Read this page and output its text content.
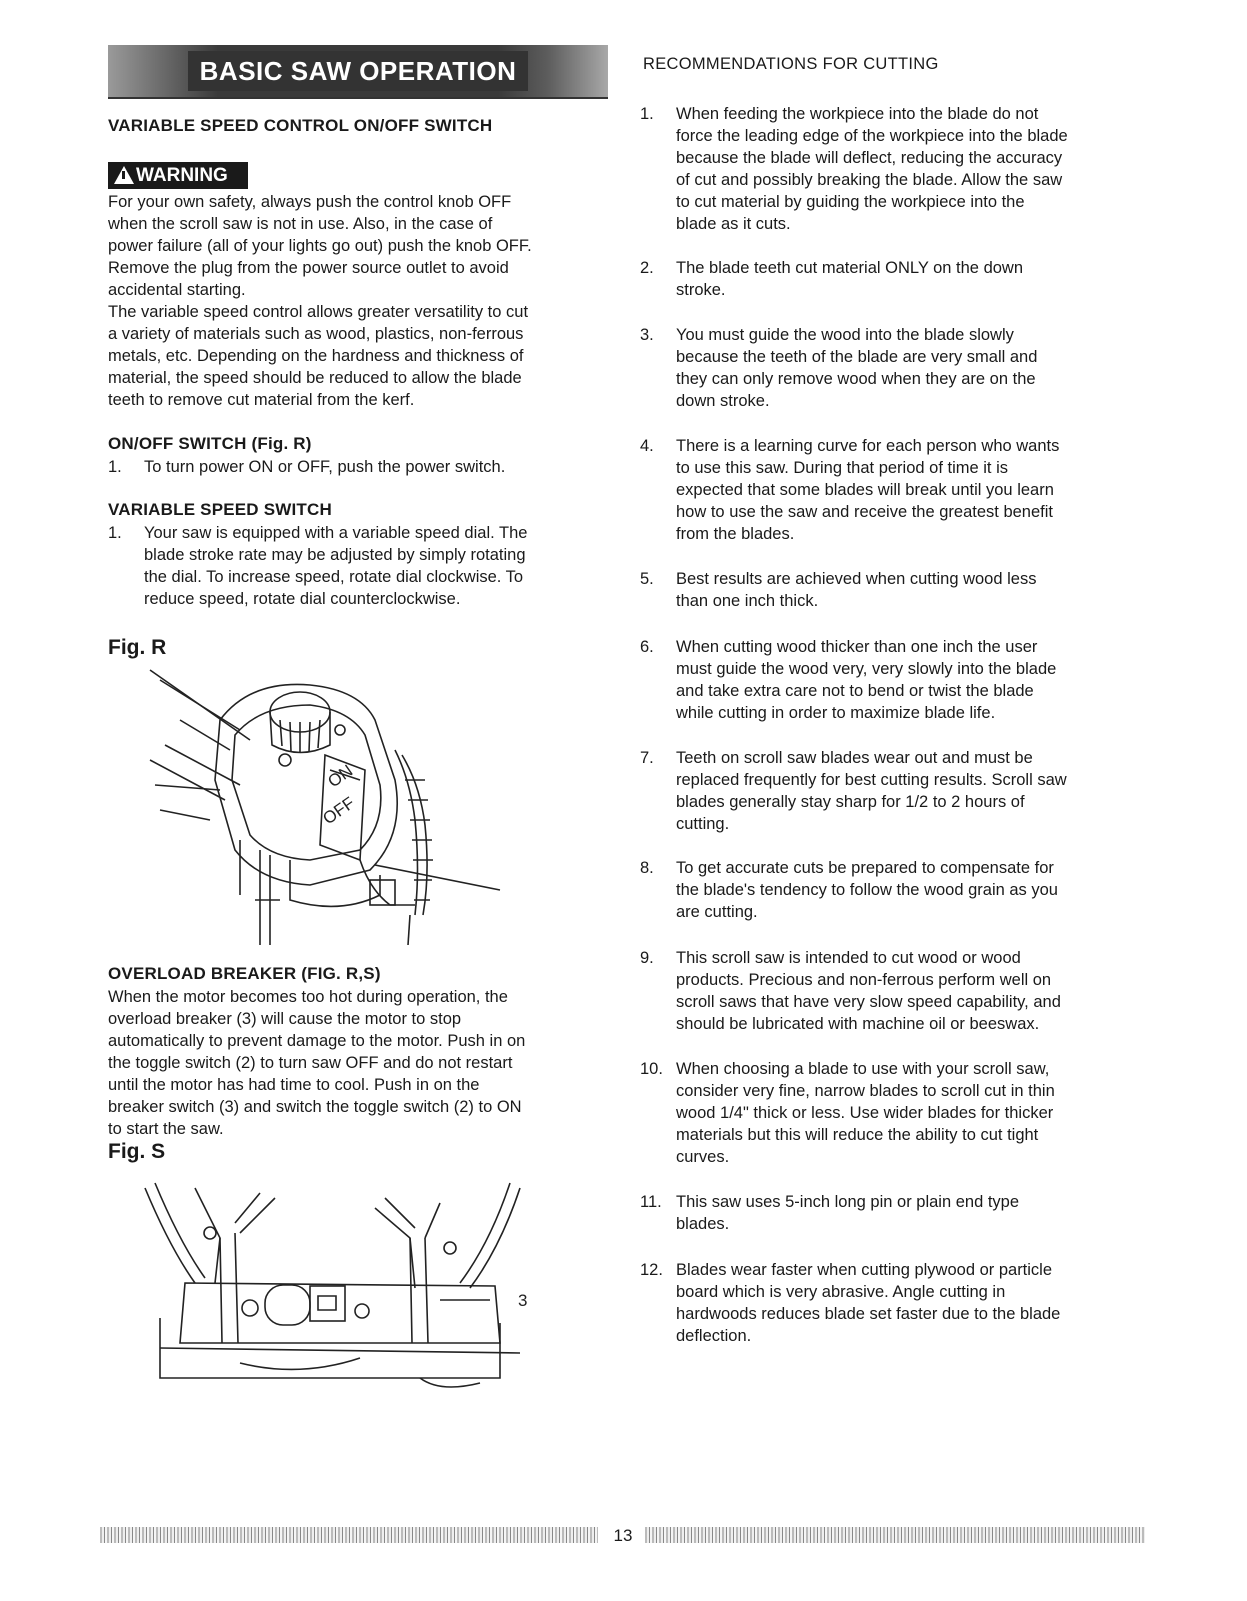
BASIC SAW OPERATION
VARIABLE SPEED CONTROL ON/OFF SWITCH
WARNING
For your own safety, always push the control knob OFF
when the scroll saw is not in use. Also, in the case of
power failure (all of your lights go out) push the knob OFF.
Remove the plug from the power source outlet to avoid
accidental starting.
The variable speed control allows greater versatility to cut
a variety of materials such as wood, plastics, non-ferrous
metals, etc. Depending on the hardness and thickness of
material, the speed should be reduced to allow the blade
teeth to remove cut material from the kerf.
ON/OFF SWITCH (Fig. R)
1. To turn power ON or OFF, push the power switch.
VARIABLE SPEED SWITCH
1. Your saw is equipped with a variable speed dial. The
blade stroke rate may be adjusted by simply rotating
the dial. To increase speed, rotate dial clockwise. To
reduce speed, rotate dial counterclockwise.
Fig. R
ON
OFF
OVERLOAD BREAKER (FIG. R,S)
When the motor becomes too hot during operation, the
overload breaker (3) will cause the motor to stop
automatically to prevent damage to the motor. Push in on
the toggle switch (2) to turn saw OFF and do not restart
until the motor has had time to cool. Push in on the
breaker switch (3) and switch the toggle switch (2) to ON
to start the saw.
Fig. S
3
RECOMMENDATIONS FOR CUTTING
1.	When feeding the workpiece into the blade do not
force the leading edge of the workpiece into the blade
because the blade will deflect, reducing the accuracy
of cut and possibly breaking the blade. Allow the saw
to cut material by guiding the workpiece into the
blade as it cuts.
2.	The blade teeth cut material ONLY on the down
stroke.
3.	You must guide the wood into the blade slowly
because the teeth of the blade are very small and
they can only remove wood when they are on the
down stroke.
4.	There is a learning curve for each person who wants
to use this saw. During that period of time it is
expected that some blades will break until you learn
how to use the saw and receive the greatest benefit
from the blades.
5.	Best results are achieved when cutting wood less
than one inch thick.
6.	When cutting wood thicker than one inch the user
must guide the wood very, very slowly into the blade
and take extra care not to bend or twist the blade
while cutting in order to maximize blade life.
7.	Teeth on scroll saw blades wear out and must be
replaced frequently for best cutting results. Scroll saw
blades generally stay sharp for 1/2 to 2 hours of
cutting.
8.	To get accurate cuts be prepared to compensate for
the blade's tendency to follow the wood grain as you
are cutting.
9.	This scroll saw is intended to cut wood or wood
products. Precious and non-ferrous perform well on
scroll saws that have very slow speed capability, and
should be lubricated with machine oil or beeswax.
10. When choosing a blade to use with your scroll saw,
consider very fine, narrow blades to scroll cut in thin
wood 1/4" thick or less. Use wider blades for thicker
materials but this will reduce the ability to cut tight
curves.
11. This saw uses 5-inch long pin or plain end type
blades.
12. Blades wear faster when cutting plywood or particle
board which is very abrasive. Angle cutting in
hardwoods reduces blade set faster due to the blade
deflection.
13
